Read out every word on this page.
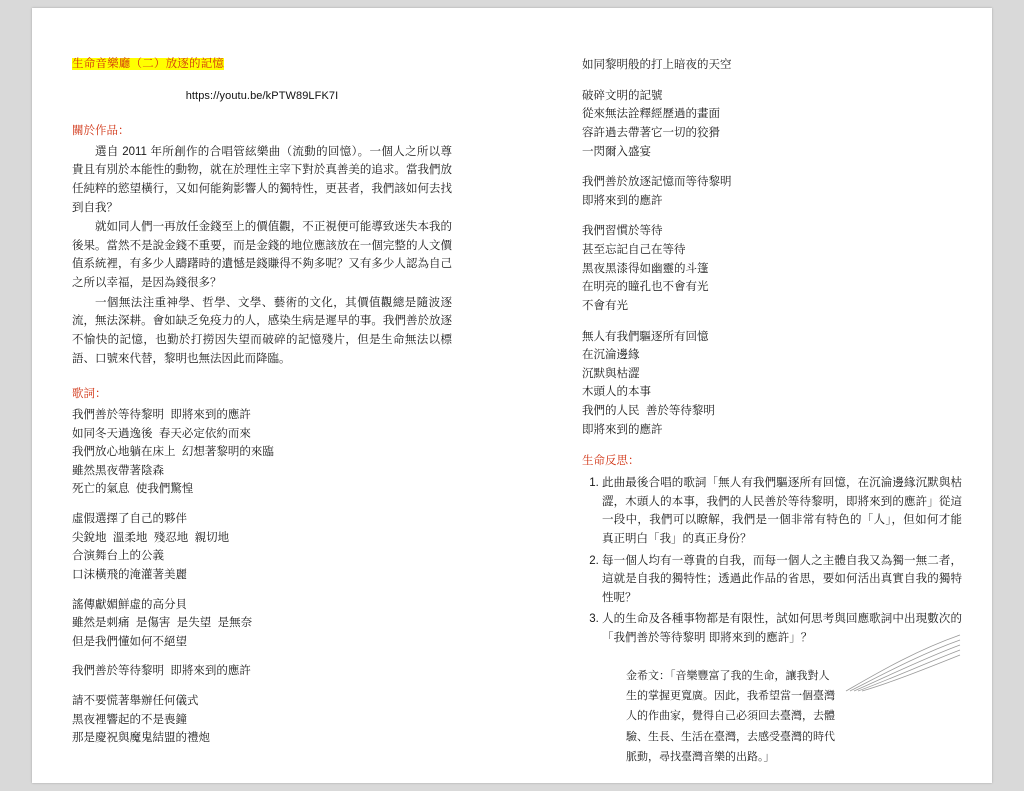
生命音樂廳（二）放逐的記憶
https://youtu.be/kPTW89LFK7I
關於作品：

選自 2011 年所創作的合唱管絃樂曲（流動的回憶）。一個人之所以尊貴且有別於本能性的動物，就在於理性主宰下對於真善美的追求。當我們放任純粹的慾望橫行，又如何能夠影響人的獨特性，更甚者，我們該如何去找到自我？

就如同人們一再放任金錢至上的價值觀，不正視便可能導致迷失本我的後果。當然不是說金錢不重要，而是金錢的地位應該放在一個完整的人文價值系統裡，有多少人躊躇時的遺憾是錢賺得不夠多呢？又有多少人認為自己之所以幸福，是因為錢很多？

一個無法注重神學、哲學、文學、藝術的文化，其價值觀總是隨波逐流，無法深耕。會如缺乏免疫力的人，感染生病是遲早的事。我們善於放逐不愉快的記憶，也勤於打撈因失望而破碎的記憶殘片，但是生命無法以標語、口號來代替，黎明也無法因此而降臨。

歌詞：
我們善於等待黎明  即將來到的應許
如同冬天過逸後  春天必定依約而來
我們放心地躺在床上  幻想著黎明的來臨
雖然黑夜帶著陰森
死亡的氣息  使我們驚惶
虛假選擇了自己的夥伴
尖銳地  溫柔地  殘忍地  親切地
合演舞台上的公義
口沫橫飛的淹灌著美麗
謠傳獻媚鮮虛的高分貝
雖然是刺痛  是傷害  是失望  是無奈
但是我們懂如何不絕望
我們善於等待黎明  即將來到的應許
請不要慌著舉辦任何儀式
黑夜裡響起的不是喪鐘
那是慶祝與魔鬼結盟的禮炮
如同黎明般的打上暗夜的天空
破碎文明的記號
從來無法詮釋經歷過的畫面
容許過去帶著它一切的狡猾
一閃爾入盛宴
我們善於放逐記憶而等待黎明
即將來到的應許
我們習慣於等待
甚至忘記自己在等待
黑夜黑漆得如幽靈的斗篷
在明亮的瞳孔也不會有光
不會有光
無人有我們驅逐所有回憶
在沉淪邊緣
沉默與枯澀
木頭人的本事
我們的人民  善於等待黎明
即將來到的應許
生命反思：
1. 此曲最後合唱的歌詞「無人有我們驅逐所有回憶，在沉淪邊緣沉默與枯澀，木頭人的本事，我們的人民善於等待黎明，即將來到的應許」從這一段中，我們可以瞭解，我們是一個非常有特色的「人」，但如何才能真正明白「我」的真正身份？
2. 每一個人均有一尊貴的自我，而每一個人之主體自我又為獨一無二者，這就是自我的獨特性；透過此作品的省思，要如何活出真實自我的獨特性呢？
3. 人的生命及各種事物都是有限性，試如何思考與回應歌詞中出現數次的「我們善於等待黎明 即將來到的應許」？
金希文：「音樂豐富了我的生命，讓我對人
生的掌握更寬廣。因此，我希望當一個臺灣
人的作曲家，覺得自己必須回去臺灣，去體
驗、生長、生活在臺灣，去感受臺灣的時代
脈動，尋找臺灣音樂的出路。」
